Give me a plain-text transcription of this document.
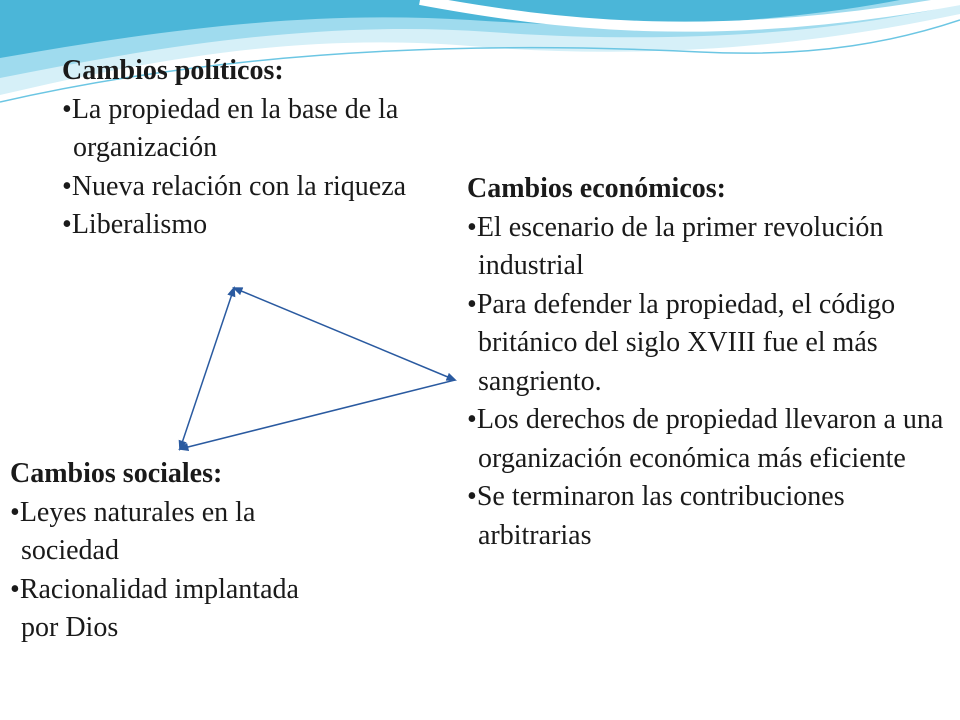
Cambios políticos:
• La propiedad en la base de la organización
• Nueva relación con la riqueza
• Liberalismo
Cambios económicos:
• El escenario de la primer revolución industrial
• Para defender la propiedad, el código británico del siglo XVIII fue el más sangriento.
• Los derechos de propiedad llevaron a una organización económica más eficiente
• Se terminaron las contribuciones arbitrarias
Cambios sociales:
• Leyes naturales en la sociedad
• Racionalidad implantada por Dios
